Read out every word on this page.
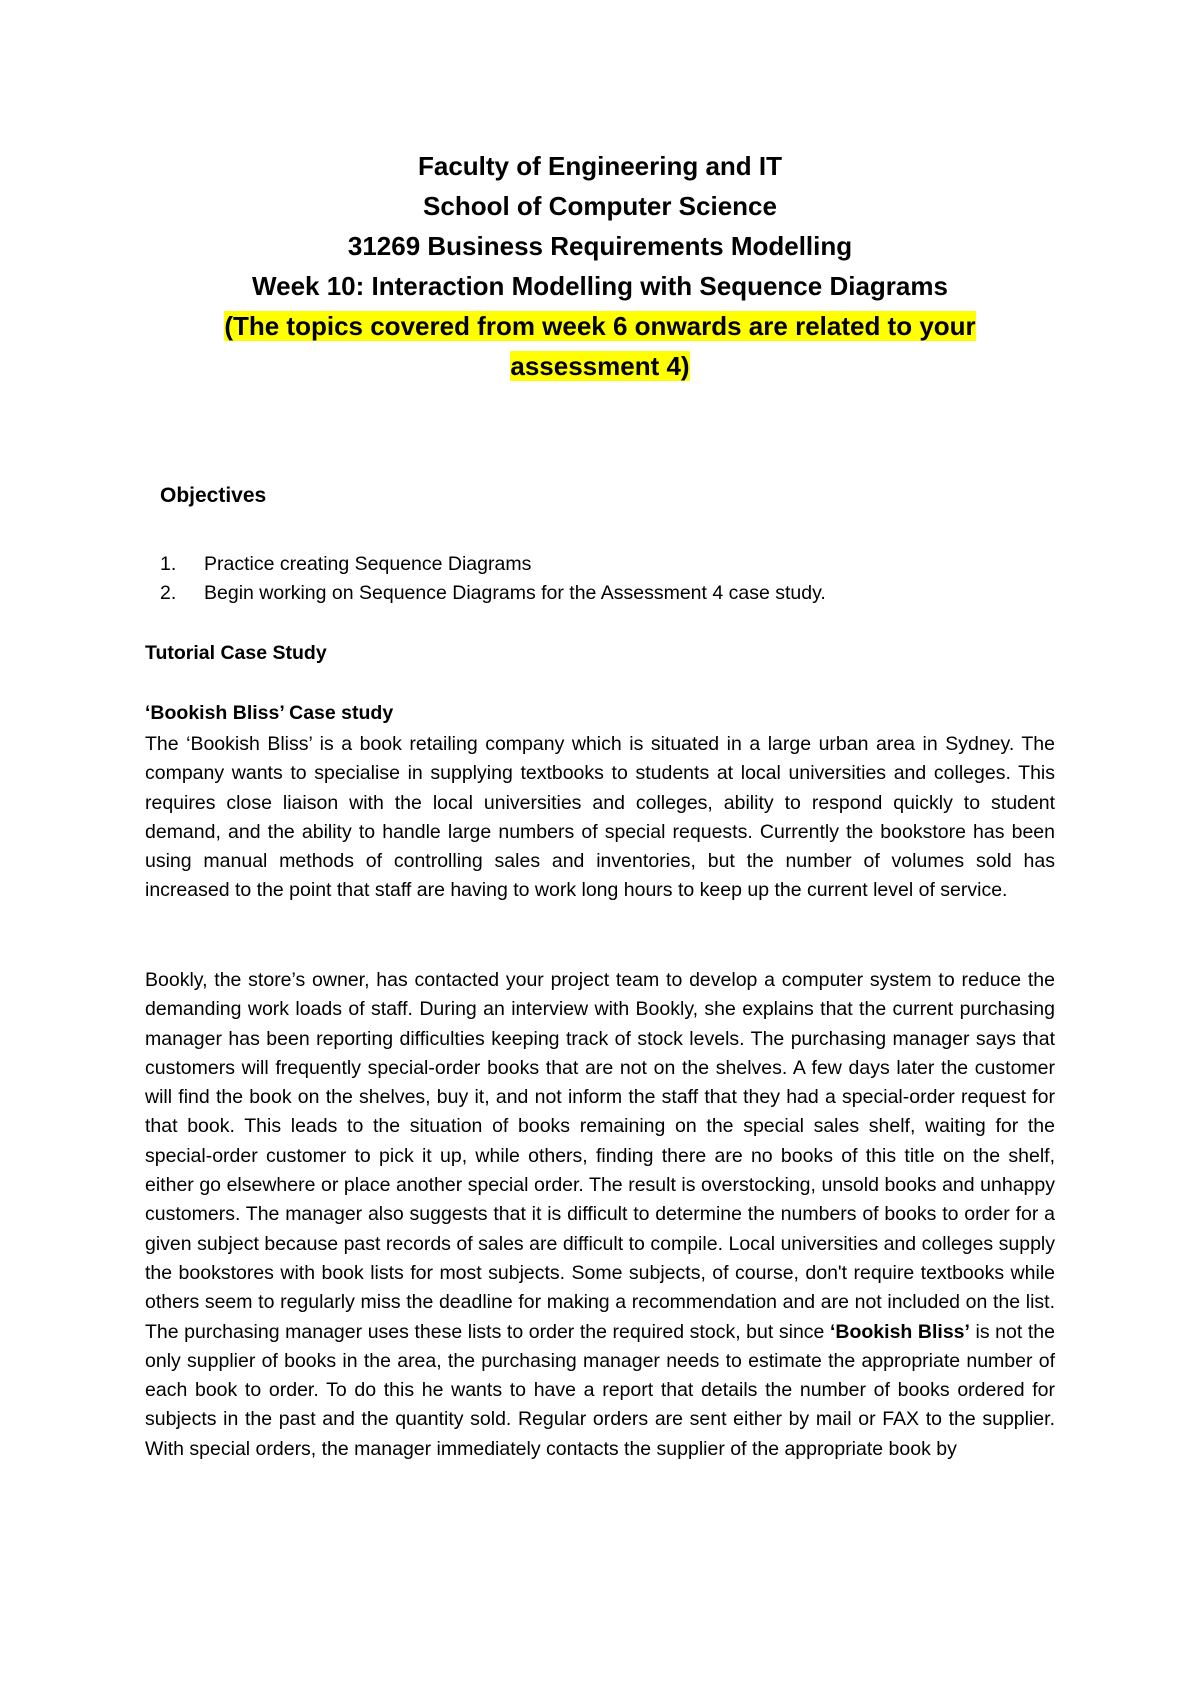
Faculty of Engineering and IT

School of Computer Science

31269 Business Requirements Modelling

Week 10: Interaction Modelling with Sequence Diagrams

(The topics covered from week 6 onwards are related to your assessment 4)

Objectives
1.	Practice creating Sequence Diagrams
2.	Begin working on Sequence Diagrams for the Assessment 4 case study.
Tutorial Case Study
‘Bookish Bliss’ Case study

The ‘Bookish Bliss’ is a book retailing company which is situated in a large urban area in Sydney. The company wants to specialise in supplying textbooks to students at local universities and colleges. This requires close liaison with the local universities and colleges, ability to respond quickly to student demand, and the ability to handle large numbers of special requests. Currently the bookstore has been using manual methods of controlling sales and inventories, but the number of volumes sold has increased to the point that staff are having to work long hours to keep up the current level of service.

Bookly, the store’s owner, has contacted your project team to develop a computer system to reduce the demanding work loads of staff. During an interview with Bookly, she explains that the current purchasing manager has been reporting difficulties keeping track of stock levels. The purchasing manager says that customers will frequently special-order books that are not on the shelves. A few days later the customer will find the book on the shelves, buy it, and not inform the staff that they had a special-order request for that book. This leads to the situation of books remaining on the special sales shelf, waiting for the special-order customer to pick it up, while others, finding there are no books of this title on the shelf, either go elsewhere or place another special order. The result is overstocking, unsold books and unhappy customers. The manager also suggests that it is difficult to determine the numbers of books to order for a given subject because past records of sales are difficult to compile. Local universities and colleges supply the bookstores with book lists for most subjects. Some subjects, of course, don't require textbooks while others seem to regularly miss the deadline for making a recommendation and are not included on the list. The purchasing manager uses these lists to order the required stock, but since ‘Bookish Bliss’ is not the only supplier of books in the area, the purchasing manager needs to estimate the appropriate number of each book to order. To do this he wants to have a report that details the number of books ordered for subjects in the past and the quantity sold. Regular orders are sent either by mail or FAX to the supplier. With special orders, the manager immediately contacts the supplier of the appropriate book by
